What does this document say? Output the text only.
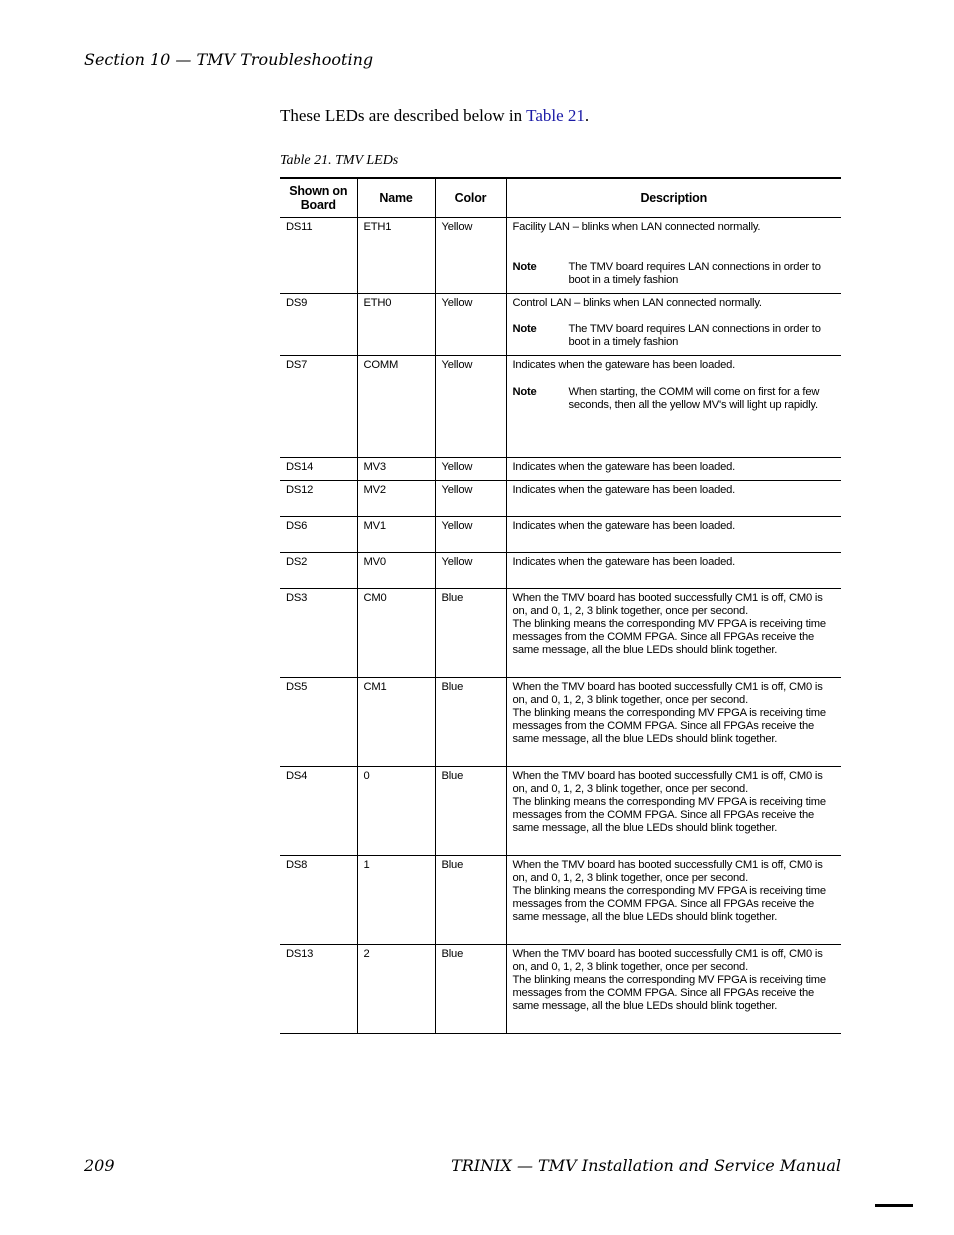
Section 10 — TMV Troubleshooting
These LEDs are described below in Table 21.
Table 21. TMV LEDs
Shown on
Board	Name	Color	Description
DS11	ETH1	Yellow	Facility LAN – blinks when LAN connected normally.

Note The TMV board requires LAN connections in order to boot in a timely fashion

DS9	ETH0	Yellow	Control LAN – blinks when LAN connected normally.

Note The TMV board requires LAN connections in order to boot in a timely fashion

DS7	COMM	Yellow	Indicates when the gateware has been loaded.

Note When starting, the COMM will come on first for a few seconds, then all the yellow MV's will light up rapidly.

DS14	MV3	Yellow	Indicates when the gateware has been loaded.
DS12	MV2	Yellow	Indicates when the gateware has been loaded.
DS6	MV1	Yellow	Indicates when the gateware has been loaded.
DS2	MV0	Yellow	Indicates when the gateware has been loaded.
DS3	CM0	Blue	When the TMV board has booted successfully CM1 is off, CM0 is on, and 0, 1, 2, 3 blink together, once per second.
The blinking means the corresponding MV FPGA is receiving time messages from the COMM FPGA. Since all FPGAs receive the same message, all the blue LEDs should blink together.

DS5	CM1	Blue	When the TMV board has booted successfully CM1 is off, CM0 is on, and 0, 1, 2, 3 blink together, once per second.
The blinking means the corresponding MV FPGA is receiving time messages from the COMM FPGA. Since all FPGAs receive the same message, all the blue LEDs should blink together.

DS4	0	Blue	When the TMV board has booted successfully CM1 is off, CM0 is on, and 0, 1, 2, 3 blink together, once per second.
The blinking means the corresponding MV FPGA is receiving time messages from the COMM FPGA. Since all FPGAs receive the same message, all the blue LEDs should blink together.

DS8	1	Blue	When the TMV board has booted successfully CM1 is off, CM0 is on, and 0, 1, 2, 3 blink together, once per second.
The blinking means the corresponding MV FPGA is receiving time messages from the COMM FPGA. Since all FPGAs receive the same message, all the blue LEDs should blink together.

DS13	2	Blue	When the TMV board has booted successfully CM1 is off, CM0 is on, and 0, 1, 2, 3 blink together, once per second.
The blinking means the corresponding MV FPGA is receiving time messages from the COMM FPGA. Since all FPGAs receive the same message, all the blue LEDs should blink together.
209	TRINIX — TMV Installation and Service Manual
